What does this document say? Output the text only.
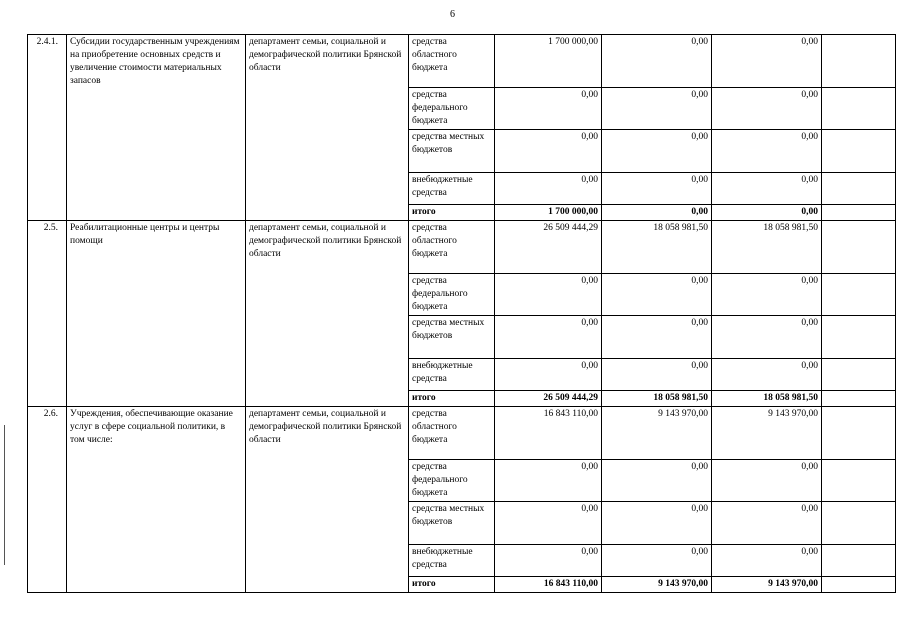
6
2.4.1.	Субсидии государственным учреждениям на приобретение основных средств и увеличение стоимости материальных запасов	департамент семьи, социальной и демографической политики Брянской области	средства областного бюджета	1 700 000,00	0,00	0,00	
			средства федерального бюджета	0,00	0,00	0,00	
			средства местных бюджетов	0,00	0,00	0,00	
			внебюджетные средства	0,00	0,00	0,00	
			итого	1 700 000,00	0,00	0,00	
2.5.	Реабилитационные центры и центры помощи	департамент семьи, социальной и демографической политики Брянской области	средства областного бюджета	26 509 444,29	18 058 981,50	18 058 981,50	
			средства федерального бюджета	0,00	0,00	0,00	
			средства местных бюджетов	0,00	0,00	0,00	
			внебюджетные средства	0,00	0,00	0,00	
			итого	26 509 444,29	18 058 981,50	18 058 981,50	
2.6.	Учреждения, обеспечивающие оказание услуг в сфере социальной политики, в том числе:	департамент семьи, социальной и демографической политики Брянской области	средства областного бюджета	16 843 110,00	9 143 970,00	9 143 970,00	
			средства федерального бюджета	0,00	0,00	0,00	
			средства местных бюджетов	0,00	0,00	0,00	
			внебюджетные средства	0,00	0,00	0,00	
			итого	16 843 110,00	9 143 970,00	9 143 970,00	
